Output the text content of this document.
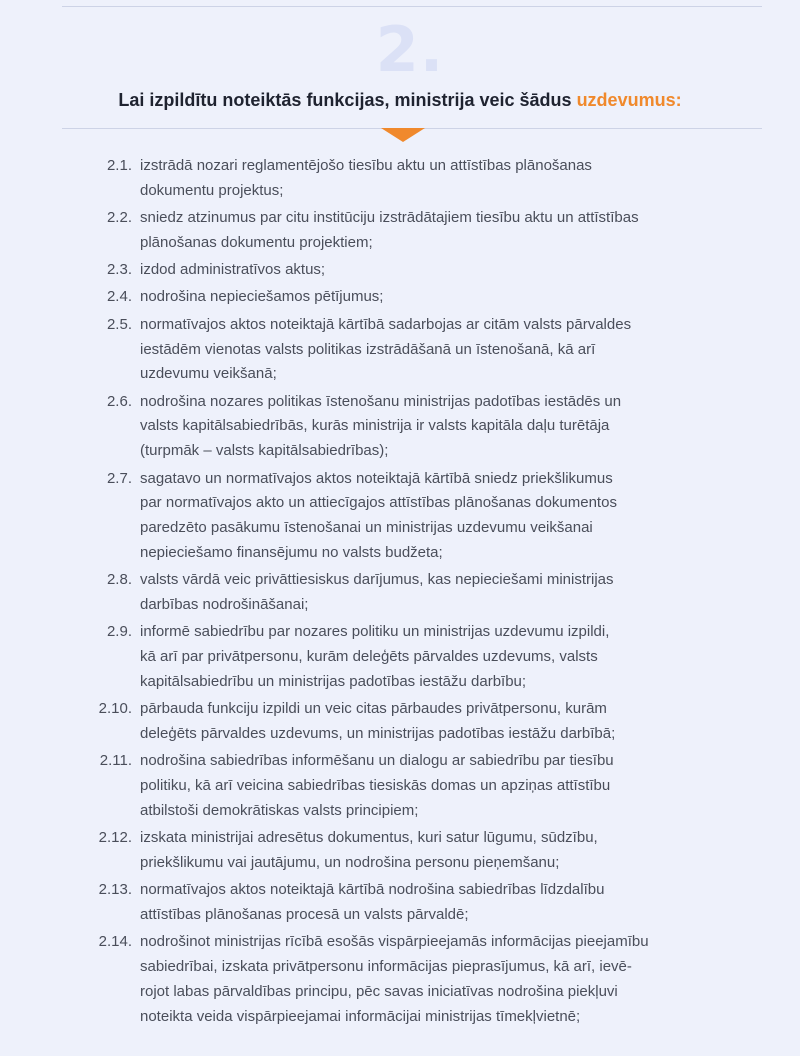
2.
Lai izpildītu noteiktās funkcijas, ministrija veic šādus uzdevumus:
2.1. izstrādā nozari reglamentējošo tiesību aktu un attīstības plānošanas
dokumentu projektus;
2.2. sniedz atzinumus par citu institūciju izstrādātajiem tiesību aktu un attīstības
plānošanas dokumentu projektiem;
2.3. izdod administratīvos aktus;
2.4. nodrošina nepieciešamos pētījumus;
2.5. normatīvajos aktos noteiktajā kārtībā sadarbojas ar citām valsts pārvaldes
iestādēm vienotas valsts politikas izstrādāšanā un īstenošanā, kā arī
uzdevumu veikšanā;
2.6. nodrošina nozares politikas īstenošanu ministrijas padotības iestādēs un
valsts kapitālsabiedrībās, kurās ministrija ir valsts kapitāla daļu turētāja
(turpmāk – valsts kapitālsabiedrības);
2.7. sagatavo un normatīvajos aktos noteiktajā kārtībā sniedz priekšlikumus
par normatīvajos akto un attiecīgajos attīstības plānošanas dokumentos
paredzēto pasākumu īstenošanai un ministrijas uzdevumu veikšanai
nepieciešamo finansējumu no valsts budžeta;
2.8. valsts vārdā veic privāttiesiskus darījumus, kas nepieciešami ministrijas
darbības nodrošināšanai;
2.9. informē sabiedrību par nozares politiku un ministrijas uzdevumu izpildi,
kā arī par privātpersonu, kurām deleģēts pārvaldes uzdevums, valsts
kapitālsabiedrību un ministrijas padotības iestāžu darbību;
2.10. pārbauda funkciju izpildi un veic citas pārbaudes privātpersonu, kurām
deleģēts pārvaldes uzdevums, un ministrijas padotības iestāžu darbībā;
2.11. nodrošina sabiedrības informēšanu un dialogu ar sabiedrību par tiesību
politiku, kā arī veicina sabiedrības tiesiskās domas un apziņas attīstību
atbilstoši demokrātiskas valsts principiem;
2.12. izskata ministrijai adresētus dokumentus, kuri satur lūgumu, sūdzību,
priekšlikumu vai jautājumu, un nodrošina personu pieņemšanu;
2.13. normatīvajos aktos noteiktajā kārtībā nodrošina sabiedrības līdzdalību
attīstības plānošanas procesā un valsts pārvaldē;
2.14. nodrošinot ministrijas rīcībā esošās vispārpieejamās informācijas pieejamību
sabiedrībai, izskata privātpersonu informācijas pieprasījumus, kā arī, ievē-
rojot labas pārvaldības principu, pēc savas iniciatīvas nodrošina piekļuvi
noteikta veida vispārpieejamai informācijai ministrijas tīmekļvietnē;
